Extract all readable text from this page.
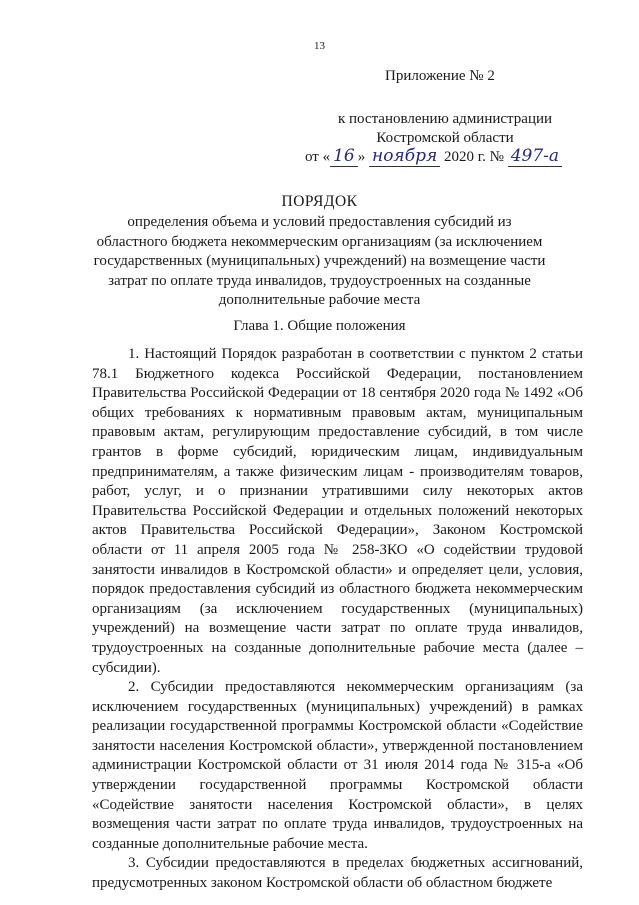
13
Приложение № 2
к постановлению администрации
Костромской области
от « 16 » ноября 2020 г. № 497-а
ПОРЯДОК
определения объема и условий предоставления субсидий из областного бюджета некоммерческим организациям (за исключением государственных (муниципальных) учреждений) на возмещение части затрат по оплате труда инвалидов, трудоустроенных на созданные дополнительные рабочие места
Глава 1. Общие положения

1. Настоящий Порядок разработан в соответствии с пунктом 2 статьи 78.1 Бюджетного кодекса Российской Федерации, постановлением Правительства Российской Федерации от 18 сентября 2020 года № 1492 «Об общих требованиях к нормативным правовым актам, муниципальным правовым актам, регулирующим предоставление субсидий, в том числе грантов в форме субсидий, юридическим лицам, индивидуальным предпринимателям, а также физическим лицам - производителям товаров, работ, услуг, и о признании утратившими силу некоторых актов Правительства Российской Федерации и отдельных положений некоторых актов Правительства Российской Федерации», Законом Костромской области от 11 апреля 2005 года № 258-ЗКО «О содействии трудовой занятости инвалидов в Костромской области» и определяет цели, условия, порядок предоставления субсидий из областного бюджета некоммерческим организациям (за исключением государственных (муниципальных) учреждений) на возмещение части затрат по оплате труда инвалидов, трудоустроенных на созданные дополнительные рабочие места (далее – субсидии).

2. Субсидии предоставляются некоммерческим организациям (за исключением государственных (муниципальных) учреждений) в рамках реализации государственной программы Костромской области «Содействие занятости населения Костромской области», утвержденной постановлением администрации Костромской области от 31 июля 2014 года № 315-а «Об утверждении государственной программы Костромской области «Содействие занятости населения Костромской области», в целях возмещения части затрат по оплате труда инвалидов, трудоустроенных на созданные дополнительные рабочие места.

3. Субсидии предоставляются в пределах бюджетных ассигнований, предусмотренных законом Костромской области об областном бюджете
